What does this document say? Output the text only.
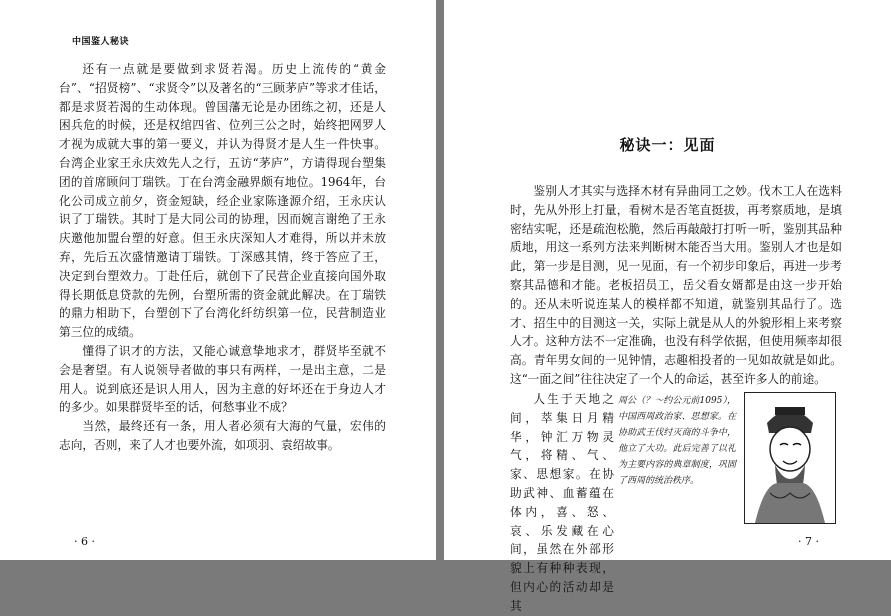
中国鉴人秘诀

还有一点就是要做到求贤若渴。历史上流传的“黄金台”、“招贤榜”、“求贤令”以及著名的“三顾茅庐”等求才佳话，都是求贤若渴的生动体现。曾国藩无论是办团练之初，还是人困兵危的时候，还是权绾四省、位列三公之时，始终把网罗人才视为成就大事的第一要义，并认为得贤才是人生一件快事。台湾企业家王永庆效先人之行，五访“茅庐”，方请得现台塑集团的首席顾问丁瑞铁。丁在台湾金融界颇有地位。1964年，台化公司成立前夕，资金短缺，经企业家陈逢源介绍，王永庆认识了丁瑞铁。其时丁是大同公司的协理，因而婉言谢绝了王永庆邀他加盟台塑的好意。但王永庆深知人才难得，所以并未放弃，先后五次盛情邀请丁瑞铁。丁深感其情，终于答应了王，决定到台塑效力。丁赴任后，就创下了民营企业直接向国外取得长期低息贷款的先例，台塑所需的资金就此解决。在丁瑞铁的鼎力相助下，台塑创下了台湾化纤纺织第一位，民营制造业第三位的成绩。

懂得了识才的方法，又能心诚意挚地求才，群贤毕至就不会是奢望。有人说领导者做的事只有两样，一是出主意，二是用人。说到底还是识人用人，因为主意的好坏还在于身边人才的多少。如果群贤毕至的话，何愁事业不成？

当然，最终还有一条，用人者必须有大海的气量，宏伟的志向，否则，来了人才也要外流，如项羽、袁绍故事。

· 6 ·
秘诀一：见面

鉴别人才其实与选择木材有异曲同工之妙。伐木工人在选料时，先从外形上打量，看树木是否笔直挺拔，再考察质地，是填密结实呢，还是疏泡松脆，然后再敲敲打打听一听，鉴别其品种质地，用这一系列方法来判断树木能否当大用。鉴别人才也是如此，第一步是目测，见一见面，有一个初步印象后，再进一步考察其品德和才能。老板招员工，岳父看女婿都是由这一步开始的。还从未听说连某人的模样都不知道，就鉴别其品行了。选才、招生中的目测这一关，实际上就是从人的外貌形相上来考察人才。这种方法不一定准确，也没有科学依据，但使用频率却很高。青年男女间的一见钟情，志趣相投者的一见如故就是如此。这“一面之间”往往决定了一个人的命运，甚至许多人的前途。

人生于天地之间，萃集日月精华，钟汇万物灵气，将精、气、家、思想家。在协助武神、血蓄蕴在体内，喜、怒、哀、乐发藏在心间，虽然在外部形貌上有种种表现，但内心的活动却是其

周公（？～约公元前1095），中国西周政治家、思想家。在协助武王伐纣灭商的斗争中，他立了大功。此后完善了以礼为主要内容的典章制度，巩固了西周的统治秩序。
· 7 ·
